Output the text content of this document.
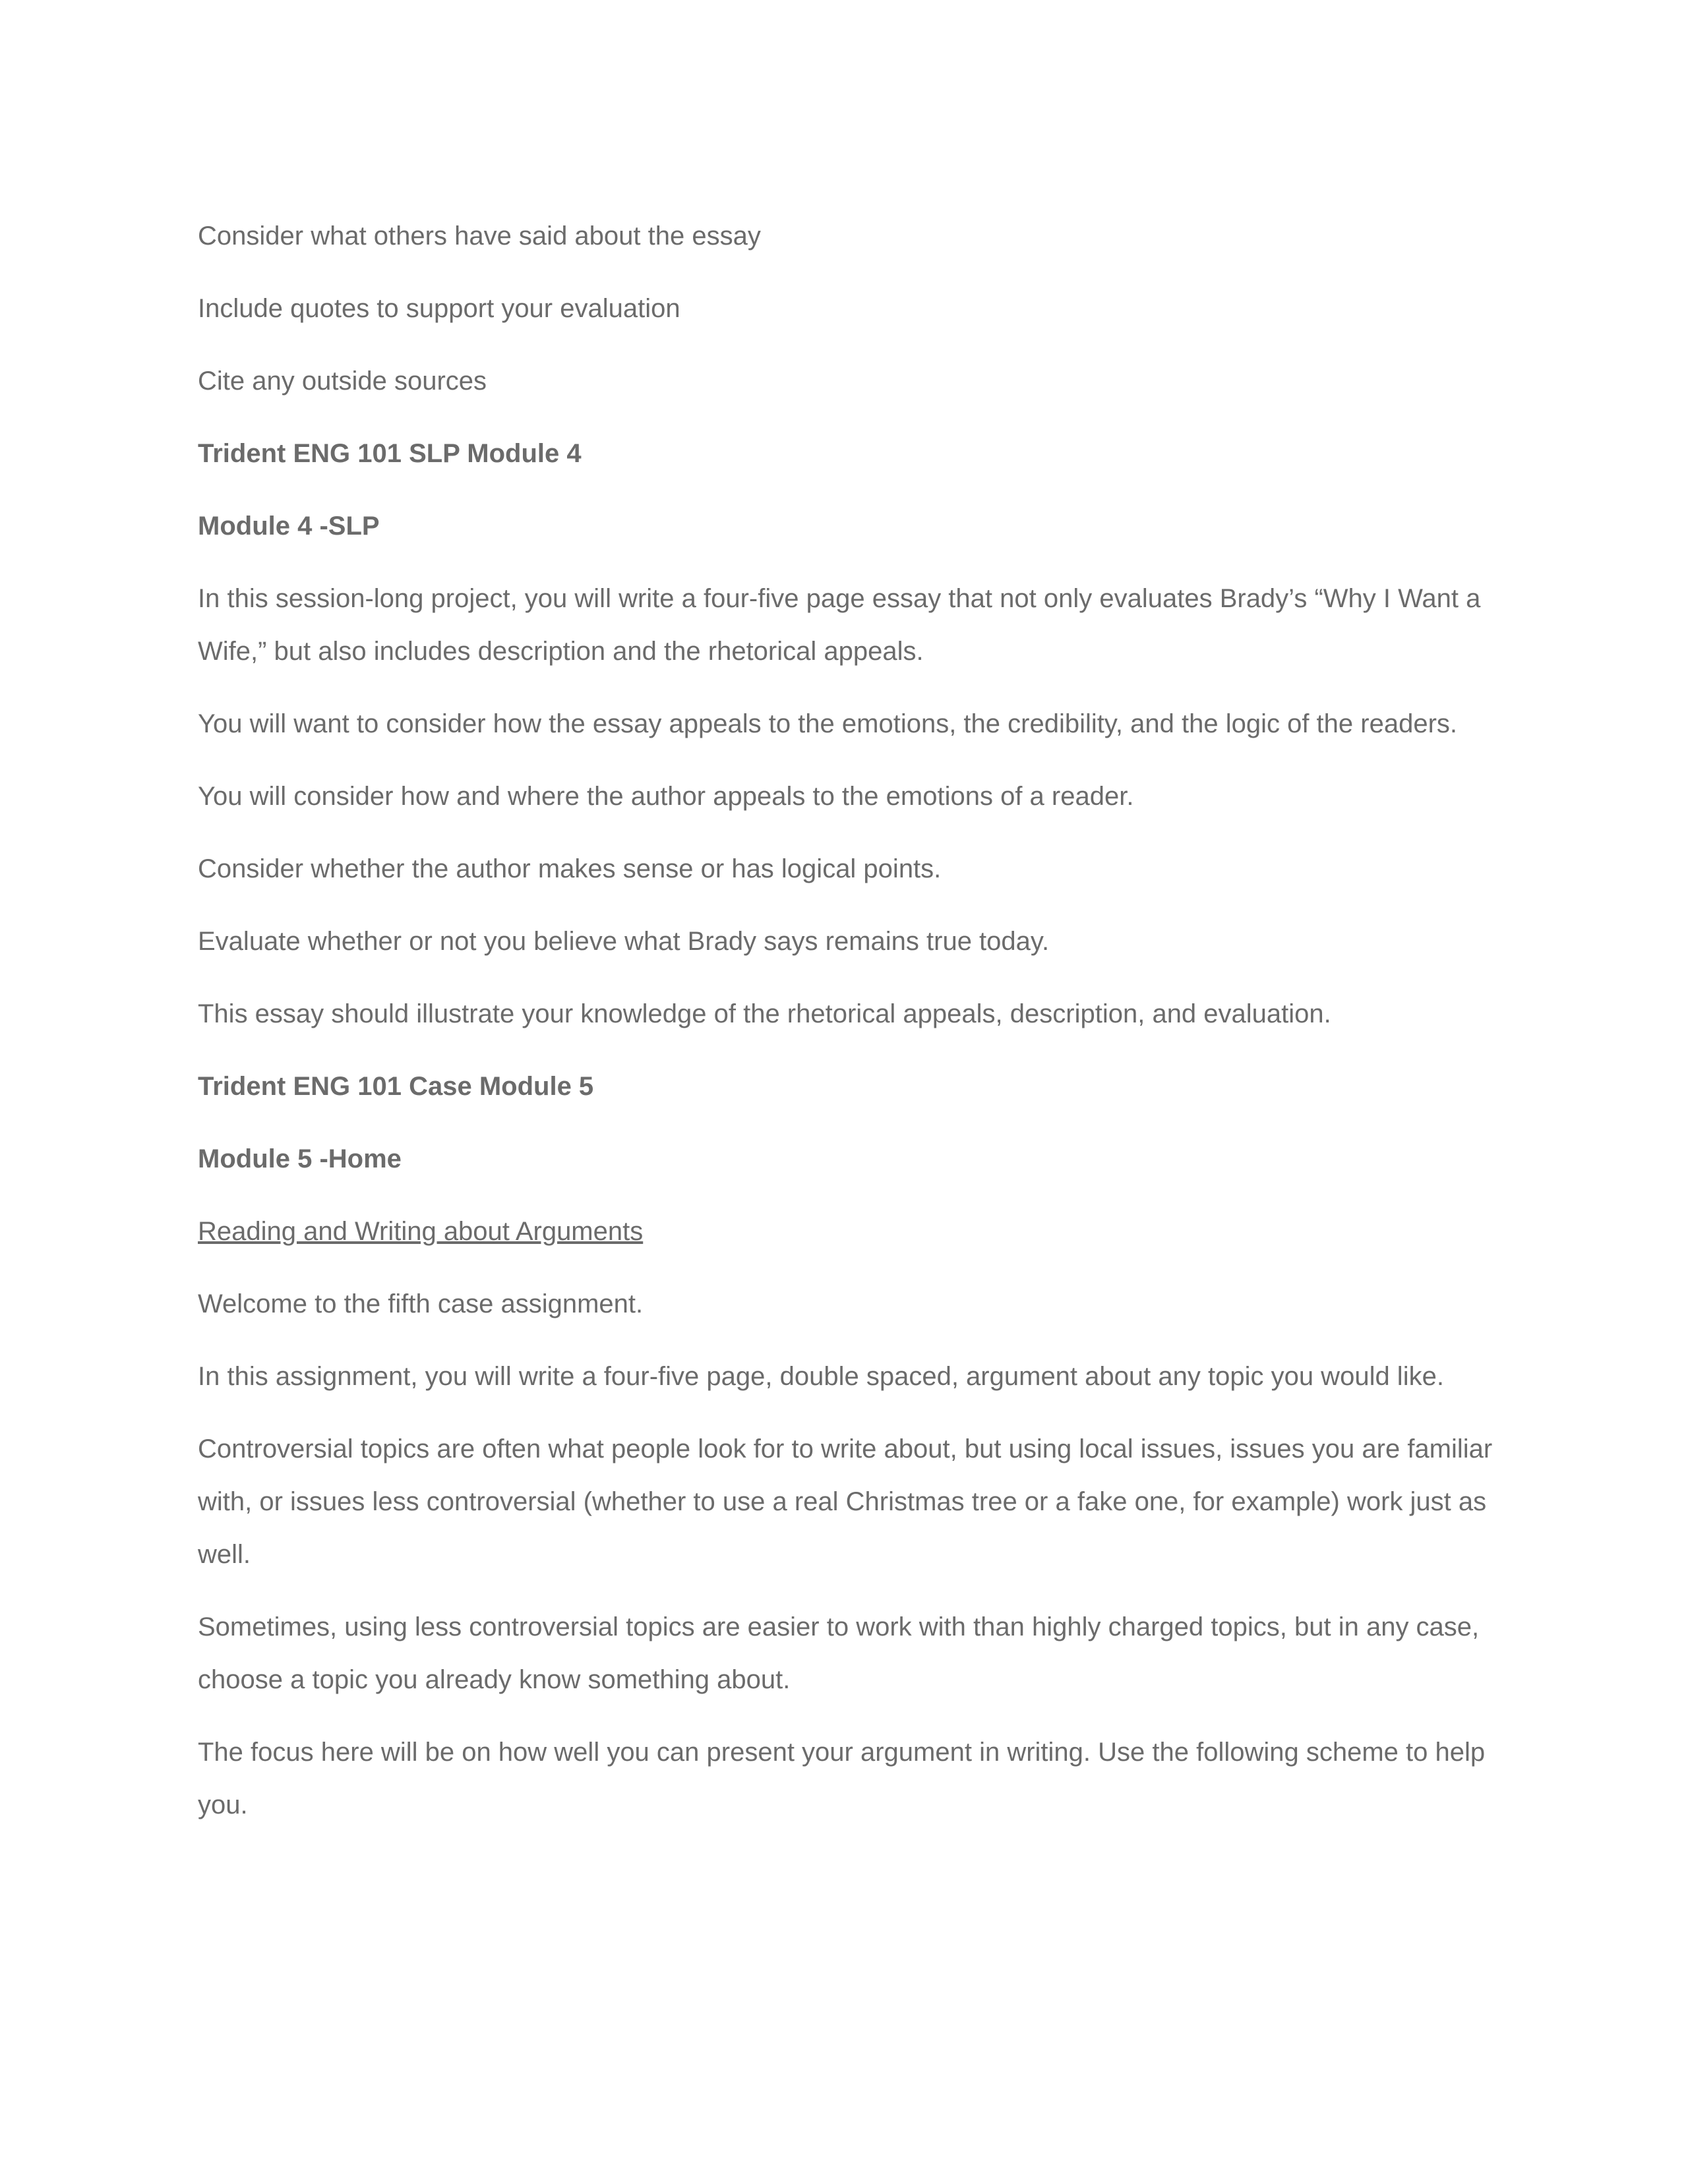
Consider what others have said about the essay

Include quotes to support your evaluation

Cite any outside sources

Trident ENG 101 SLP Module 4

Module 4 -SLP

In this session-long project, you will write a four-five page essay that not only evaluates Brady’s “Why I Want a Wife,” but also includes description and the rhetorical appeals.

You will want to consider how the essay appeals to the emotions, the credibility, and the logic of the readers.

You will consider how and where the author appeals to the emotions of a reader.

Consider whether the author makes sense or has logical points.

Evaluate whether or not you believe what Brady says remains true today.

This essay should illustrate your knowledge of the rhetorical appeals, description, and evaluation.

Trident ENG 101 Case Module 5

Module 5 -Home

Reading and Writing about Arguments

Welcome to the fifth case assignment.

In this assignment, you will write a four-five page, double spaced, argument about any topic you would like.

Controversial topics are often what people look for to write about, but using local issues, issues you are familiar with, or issues less controversial (whether to use a real Christmas tree or a fake one, for example) work just as well.

Sometimes, using less controversial topics are easier to work with than highly charged topics, but in any case, choose a topic you already know something about.

The focus here will be on how well you can present your argument in writing. Use the following scheme to help you.
